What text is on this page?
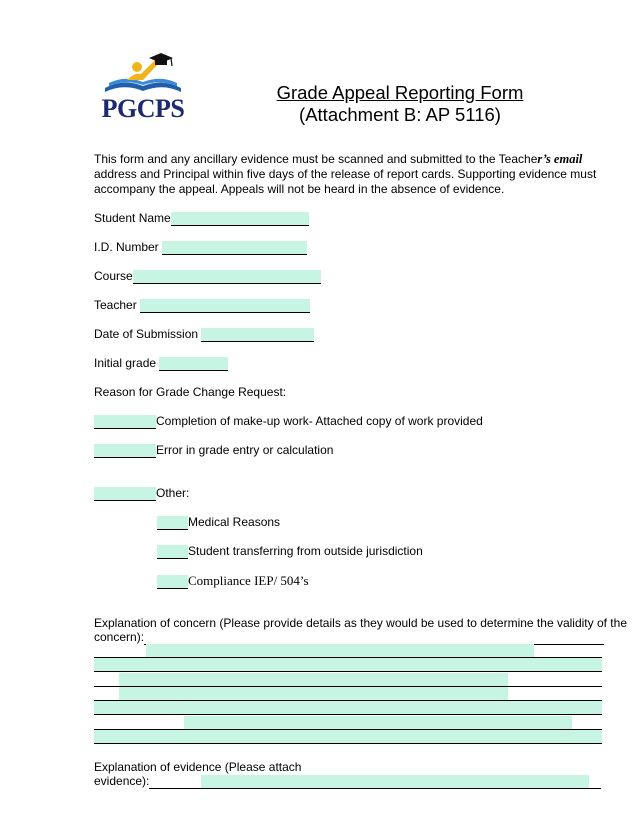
PGCPS
Grade Appeal Reporting Form
(Attachment B: AP 5116)
This form and any ancillary evidence must be scanned and submitted to the Teacher’s email address and Principal within five days of the release of report cards. Supporting evidence must accompany the appeal. Appeals will not be heard in the absence of evidence.
Student Name
I.D. Number
Course
Teacher
Date of Submission
Initial grade
Reason for Grade Change Request:
Completion of make-up work- Attached copy of work provided
Error in grade entry or calculation
Other:
Medical Reasons
Student transferring from outside jurisdiction
Compliance IEP/ 504’s
Explanation of concern (Please provide details as they would be used to determine the validity of the
concern):
Explanation of evidence (Please attach
evidence):
